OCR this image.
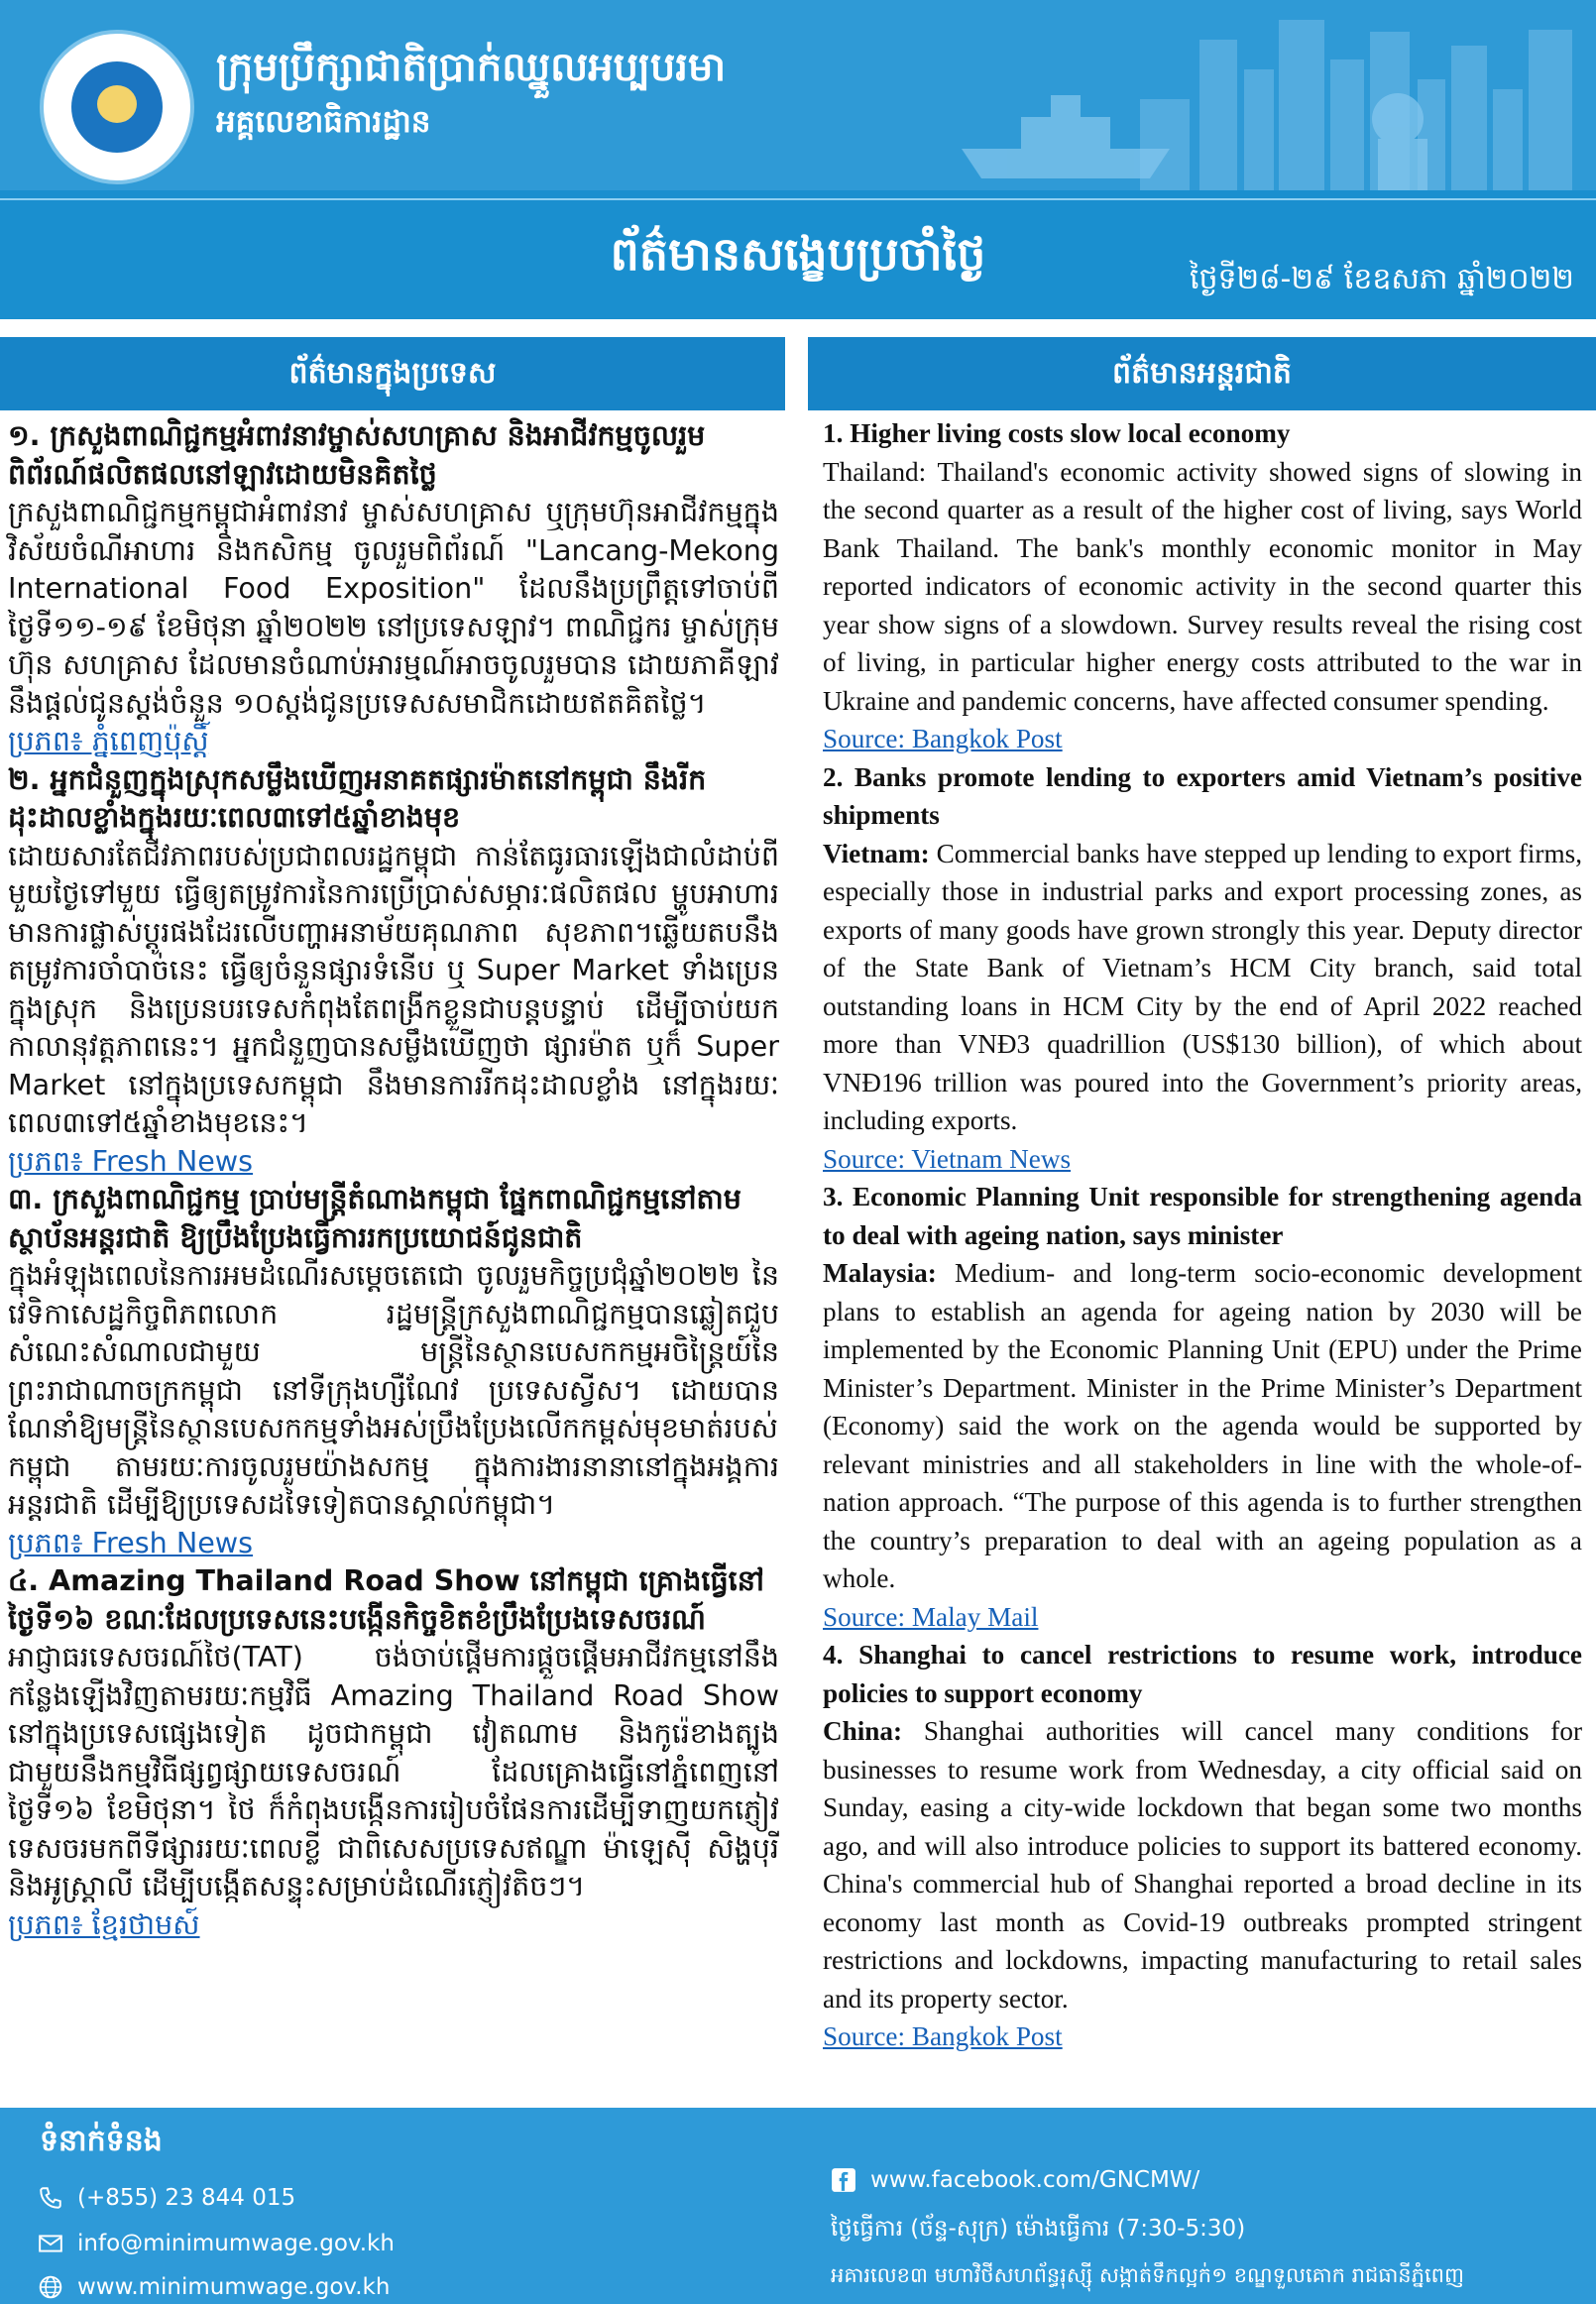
ក្រុមប្រឹក្សាជាតិប្រាក់ឈ្នួលអប្បបរមា
អគ្គលេខាធិការដ្ឋាន
ព័ត៌មានសង្ខេបប្រចាំថ្ងៃ	ថ្ងៃទី២៨-២៩ ខែឧសភា ឆ្នាំ២០២២
ព័ត៌មានក្នុងប្រទេស	ព័ត៌មានអន្តរជាតិ
១. ក្រសួងពាណិជ្ជកម្មអំពាវនាវម្ចាស់សហគ្រាស និងអាជីវកម្មចូលរួមពិព័រណ៍ផលិតផលនៅឡាវដោយមិនគិតថ្លៃ
ក្រសួងពាណិជ្ជកម្មកម្ពុជាអំពាវនាវ ម្ចាស់សហគ្រាស ឬក្រុមហ៊ុនអាជីវកម្មក្នុងវិស័យចំណីអាហារ និងកសិកម្ម ចូលរួមពិព័រណ៍ "Lancang-Mekong International Food Exposition" ដែលនឹងប្រព្រឹត្តទៅចាប់ពីថ្ងៃទី១១-១៩ ខែមិថុនា ឆ្នាំ២០២២ នៅប្រទេសឡាវ។ ពាណិជ្ជករ ម្ចាស់ក្រុមហ៊ុន សហគ្រាស ដែលមានចំណាប់អារម្មណ៍អាចចូលរួមបាន ដោយភាគីឡាវនឹងផ្តល់ជូនស្តង់ចំនួន ១០ស្តង់ជូនប្រទេសសមាជិកដោយឥតគិតថ្លៃ។
ប្រភព៖ ភ្នំពេញប៉ុស្តិ៍
២. អ្នកជំនួញក្នុងស្រុកសម្លឹងឃើញអនាគតផ្សារម៉ាតនៅកម្ពុជា នឹងរីកដុះដាលខ្លាំងក្នុងរយៈពេល៣ទៅ៥ឆ្នាំខាងមុខ
ដោយសារតែជីវភាពរបស់ប្រជាពលរដ្ឋកម្ពុជា កាន់តែធូរធារឡើងជាលំដាប់ពីមួយថ្ងៃទៅមួយ ធ្វើឲ្យតម្រូវការនៃការប្រើប្រាស់សម្ភារៈផលិតផល ម្ហូបអាហារ មានការផ្លាស់ប្តូរផងដែរលើបញ្ហាអនាម័យគុណភាព សុខភាព។ឆ្លើយតបនឹងតម្រូវការចាំបាច់នេះ ធ្វើឲ្យចំនួនផ្សារទំនើប ឬ Super Market ទាំងប្រេនក្នុងស្រុក និងប្រេនបរទេសកំពុងតែពង្រីកខ្លួនជាបន្តបន្ទាប់ ដើម្បីចាប់យកកាលានុវត្តភាពនេះ។ អ្នកជំនួញបានសម្លឹងឃើញថា ផ្សារម៉ាត ឬក៏ Super Market នៅក្នុងប្រទេសកម្ពុជា នឹងមានការរីកដុះដាលខ្លាំង នៅក្នុងរយៈពេល៣ទៅ៥ឆ្នាំខាងមុខនេះ។
ប្រភព៖ Fresh News
៣. ក្រសួងពាណិជ្ជកម្ម ប្រាប់មន្ត្រីតំណាងកម្ពុជា ផ្នែកពាណិជ្ជកម្មនៅតាមស្ថាប័នអន្តរជាតិ ឱ្យប្រឹងប្រែងធ្វើការរកប្រយោជន៍ជូនជាតិ
ក្នុងអំឡុងពេលនៃការអមដំណើរសម្តេចតេជោ ចូលរួមកិច្ចប្រជុំឆ្នាំ២០២២ នៃវេទិកាសេដ្ឋកិច្ចពិភពលោក រដ្ឋមន្ត្រីក្រសួងពាណិជ្ជកម្មបានឆ្លៀតជួប សំណេះសំណាលជាមួយ មន្ត្រីនៃស្ថានបេសកកម្មអចិន្ត្រៃយ៍នៃព្រះរាជាណាចក្រកម្ពុជា នៅទីក្រុងហ្សឺណែវ ប្រទេសស្វីស។ ដោយបានណែនាំឱ្យមន្ត្រីនៃស្ថានបេសកកម្មទាំងអស់ប្រឹងប្រែងលើកកម្ពស់មុខមាត់របស់កម្ពុជា តាមរយៈការចូលរួមយ៉ាងសកម្ម ក្នុងការងារនានានៅក្នុងអង្គការអន្តរជាតិ ដើម្បីឱ្យប្រទេសដទៃទៀតបានស្គាល់កម្ពុជា។
ប្រភព៖ Fresh News
៤. Amazing Thailand Road Show នៅកម្ពុជា គ្រោងធ្វើនៅថ្ងៃទី១៦ ខណៈដែលប្រទេសនេះបង្កើនកិច្ចខិតខំប្រឹងប្រែងទេសចរណ៍
អាជ្ញាធរទេសចរណ៍ថៃ(TAT) ចង់ចាប់ផ្តើមការផ្តួចផ្តើមអាជីវកម្មនៅនឹងកន្លែងឡើងវិញតាមរយៈកម្មវិធី Amazing Thailand Road Show នៅក្នុងប្រទេសផ្សេងទៀត ដូចជាកម្ពុជា វៀតណាម និងកូរ៉េខាងត្បូង ជាមួយនឹងកម្មវិធីផ្សព្វផ្សាយទេសចរណ៍ ដែលគ្រោងធ្វើនៅភ្នំពេញនៅថ្ងៃទី១៦ ខែមិថុនា។ ថៃ ក៏កំពុងបង្កើនការរៀបចំផែនការដើម្បីទាញយកភ្ញៀវទេសចរមកពីទីផ្សាររយៈពេលខ្លី ជាពិសេសប្រទេសឥណ្ឌា ម៉ាឡេស៊ី សិង្ហបុរី និងអូស្ត្រាលី ដើម្បីបង្កើតសន្ទុះសម្រាប់ដំណើរភ្ញៀវតិចៗ។
ប្រភព៖ ខ្មែរថាមស៍
1. Higher living costs slow local economy
Thailand: Thailand's economic activity showed signs of slowing in the second quarter as a result of the higher cost of living, says World Bank Thailand. The bank's monthly economic monitor in May reported indicators of economic activity in the second quarter this year show signs of a slowdown. Survey results reveal the rising cost of living, in particular higher energy costs attributed to the war in Ukraine and pandemic concerns, have affected consumer spending.
Source: Bangkok Post
2. Banks promote lending to exporters amid Vietnam’s positive shipments
Vietnam: Commercial banks have stepped up lending to export firms, especially those in industrial parks and export processing zones, as exports of many goods have grown strongly this year. Deputy director of the State Bank of Vietnam’s HCM City branch, said total outstanding loans in HCM City by the end of April 2022 reached more than VNĐ3 quadrillion (US$130 billion), of which about VNĐ196 trillion was poured into the Government’s priority areas, including exports.
Source: Vietnam News
3. Economic Planning Unit responsible for strengthening agenda to deal with ageing nation, says minister
Malaysia: Medium- and long-term socio-economic development plans to establish an agenda for ageing nation by 2030 will be implemented by the Economic Planning Unit (EPU) under the Prime Minister’s Department. Minister in the Prime Minister’s Department (Economy) said the work on the agenda would be supported by relevant ministries and all stakeholders in line with the whole-of-nation approach. “The purpose of this agenda is to further strengthen the country’s preparation to deal with an ageing population as a whole.
Source: Malay Mail
4. Shanghai to cancel restrictions to resume work, introduce policies to support economy
China: Shanghai authorities will cancel many conditions for businesses to resume work from Wednesday, a city official said on Sunday, easing a city-wide lockdown that began some two months ago, and will also introduce policies to support its battered economy. China's commercial hub of Shanghai reported a broad decline in its economy last month as Covid-19 outbreaks prompted stringent restrictions and lockdowns, impacting manufacturing to retail sales and its property sector.
Source: Bangkok Post
ទំនាក់ទំនង
(+855) 23 844 015
info@minimumwage.gov.kh
www.minimumwage.gov.kh
www.facebook.com/GNCMW/
ថ្ងៃធ្វើការ (ច័ន្ទ-សុក្រ) ម៉ោងធ្វើការ (7:30-5:30)
អគារលេខ៣ មហាវិថីសហព័ន្ធរុស្ស៊ី សង្កាត់ទឹកល្អក់១ ខណ្ឌទួលគោក រាជធានីភ្នំពេញ
